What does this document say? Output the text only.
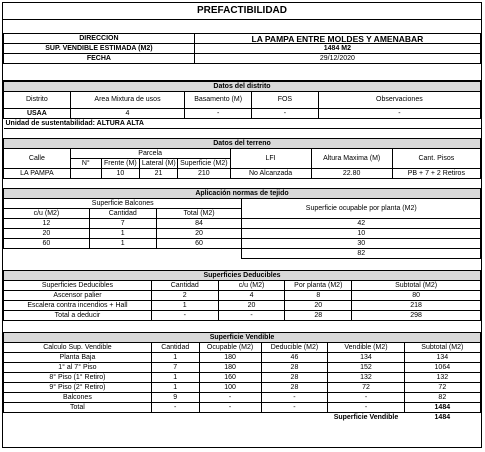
PREFACTIBILIDAD
DIRECCION	LA PAMPA ENTRE MOLDES Y AMENABAR
SUP. VENDIBLE ESTIMADA (M2)	1484 M2
FECHA	29/12/2020
Datos del distrito				
Distrito	Area Mixtura de usos	Basamento (M)	FOS	Observaciones
USAA	4	-	-	-
Unidad de sustentabilidad: ALTURA ALTA				
Datos del terreno							
Calle	Parcela				LFI	Altura Maxima (M)	Cant. Pisos
	N°	Frente (M)	Lateral (M)	Superficie (M2)			
LA PAMPA		10	21	210	No Alcanzada	22.80	PB + 7 + 2 Retiros
Aplicación normas de tejido			
Superficie Balcones			Superficie ocupable por planta (M2)
c/u (M2)	Cantidad	Total (M2)	
12	7	84	42
20	1	20	10
60	1	60	30
			82
Superficies Deducibles				
Superficies Deducibles	Cantidad	c/u (M2)	Por planta (M2)	Subtotal (M2)
Ascensor palier	2	4	8	80
Escalera contra incendios + Hall	1	20	20	218
Total a deducir	-	-	28	298
Superficie Vendible					
Calculo Sup. Vendible	Cantidad	Ocupable (M2)	Deducible (M2)	Vendible (M2)	Subtotal (M2)
Planta Baja	1	180	46	134	134
1° al 7° Piso	7	180	28	152	1064
8° Piso (1° Retiro)	1	160	28	132	132
9° Piso (2° Retiro)	1	100	28	72	72
Balcones	9	-	-	-	82
Total	-	-	-	-	1484
				Superficie Vendible	1484
